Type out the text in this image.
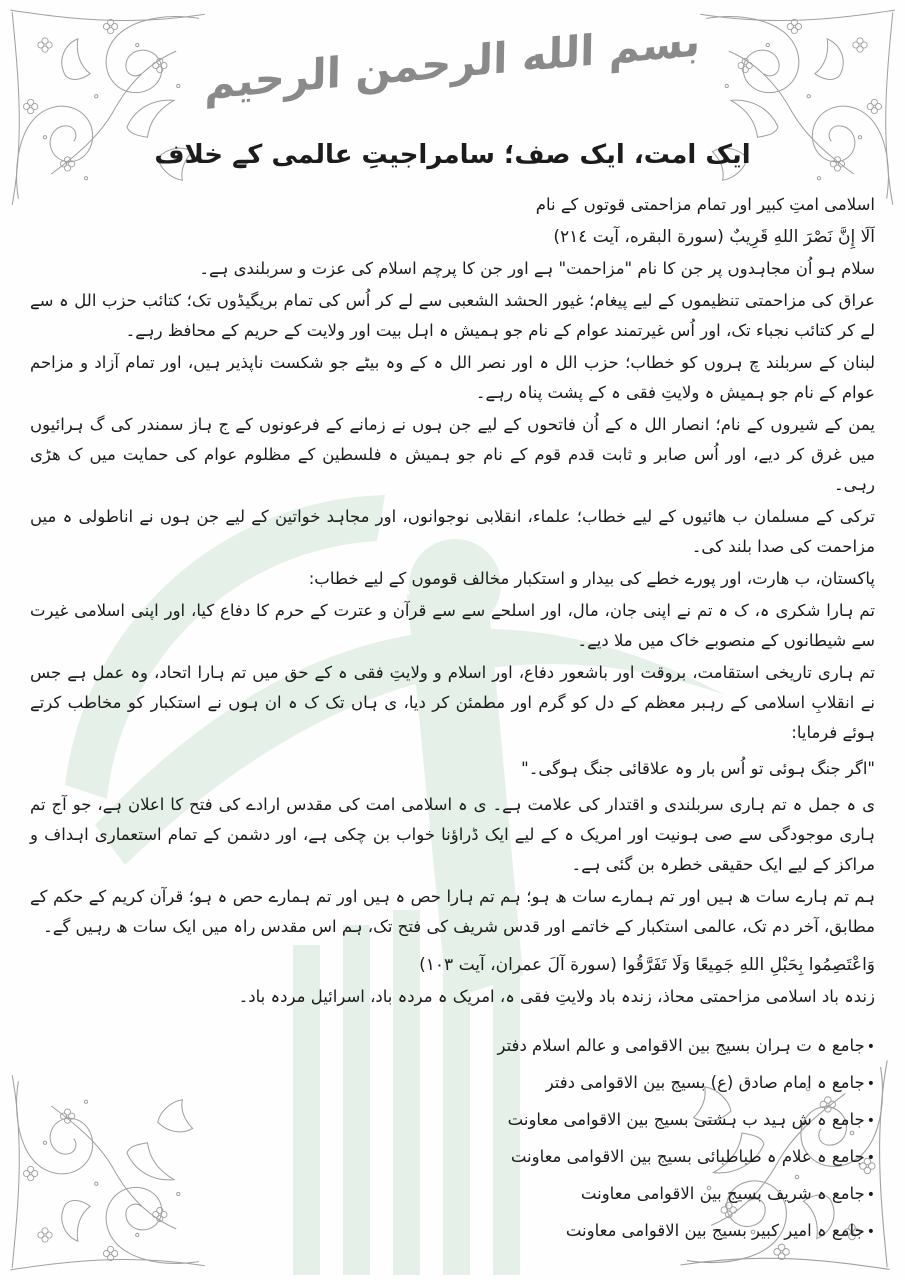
بسم الله الرحمن الرحیم
ایک امت، ایک صف؛ سامراجیتِ عالمی کے خلاف

اسلامی امتِ کبیر اور تمام مزاحمتی قوتوں کے نام

اَلَا إِنَّ نَصْرَ اللهِ قَرِيبٌ (سورة البقره، آیت ٢١٤)

سلام ہو اُن مجاہدوں پر جن کا نام "مزاحمت" ہے اور جن کا پرچم اسلام کی عزت و سربلندی ہے۔

عراق کی مزاحمتی تنظیموں کے لیے پیغام؛ غیور الحشد الشعبی سے لے کر اُس کی تمام بریگیڈوں تک؛ کتائب حزب الل ہ سے لے کر کتائب نجباء تک، اور اُس غیرتمند عوام کے نام جو ہمیش ہ اہل بیت اور ولایت کے حریم کے محافظ رہے۔

لبنان کے سربلند چ ہروں کو خطاب؛ حزب الل ہ اور نصر الل ہ کے وہ بیٹے جو شکست ناپذیر ہیں، اور تمام آزاد و مزاحم عوام کے نام جو ہمیش ہ ولایتِ فقی ہ کے پشت پناہ رہے۔

یمن کے شیروں کے نام؛ انصار الل ہ کے اُن فاتحوں کے لیے جن ہوں نے زمانے کے فرعونوں کے ج ہاز سمندر کی گ ہرائیوں میں غرق کر دیے، اور اُس صابر و ثابت قدم قوم کے نام جو ہمیش ہ فلسطین کے مظلوم عوام کی حمایت میں ک ھڑی رہی۔

ترکی کے مسلمان ب ھائیوں کے لیے خطاب؛ علماء، انقلابی نوجوانوں، اور مجاہد خواتین کے لیے جن ہوں نے اناطولی ہ میں مزاحمت کی صدا بلند کی۔

پاکستان، ب ھارت، اور پورے خطے کی بیدار و استکبار مخالف قوموں کے لیے خطاب:

تم ہارا شکری ہ، ک ہ تم نے اپنی جان، مال، اور اسلحے سے سے قرآن و عترت کے حرم کا دفاع کیا، اور اپنی اسلامی غیرت سے شیطانوں کے منصوبے خاک میں ملا دیے۔

تم ہاری تاریخی استقامت، بروقت اور باشعور دفاع، اور اسلام و ولایتِ فقی ہ کے حق میں تم ہارا اتحاد، وہ عمل ہے جس نے انقلابِ اسلامی کے رہبر معظم کے دل کو گرم اور مطمئن کر دیا، ی ہاں تک ک ہ ان ہوں نے استکبار کو مخاطب کرتے ہوئے فرمایا:

"اگر جنگ ہوئی تو اُس بار وہ علاقائی جنگ ہوگی۔"

ی ہ جمل ہ تم ہاری سربلندی و اقتدار کی علامت ہے۔ ی ہ اسلامی امت کی مقدس ارادے کی فتح کا اعلان ہے، جو آج تم ہاری موجودگی سے صی ہونیت اور امریک ہ کے لیے ایک ڈراؤنا خواب بن چکی ہے، اور دشمن کے تمام استعماری اہداف و مراکز کے لیے ایک حقیقی خطرہ بن گئی ہے۔

ہم تم ہارے سات ھ ہیں اور تم ہمارے سات ھ ہو؛ ہم تم ہارا حص ہ ہیں اور تم ہمارے حص ہ ہو؛ قرآن کریم کے حکم کے مطابق، آخر دم تک، عالمی استکبار کے خاتمے اور قدس شریف کی فتح تک، ہم اس مقدس راہ میں ایک سات ھ رہیں گے۔

وَاعْتَصِمُوا بِحَبْلِ اللهِ جَمِيعًا وَلَا تَفَرَّقُوا (سورة آلَ عمران، آیت ۱۰۳)

زندہ باد اسلامی مزاحمتی محاذ، زندہ باد ولایتِ فقی ہ، امریک ہ مردہ باد، اسرائیل مردہ باد۔

•جامع ہ ت ہران بسیج بین الاقوامی و عالم اسلام دفتر
•جامع ہ امام صادق (ع) بسیج بین الاقوامی دفتر
•جامع ہ ش ہید ب ہشتی بسیج بین الاقوامی معاونت
•جامع ہ علام ہ طباطبائی بسیج بین الاقوامی معاونت
•جامع ہ شریف بسیج بین الاقوامی معاونت
•جامع ہ امیر کبیر بسیج بین الاقوامی معاونت
